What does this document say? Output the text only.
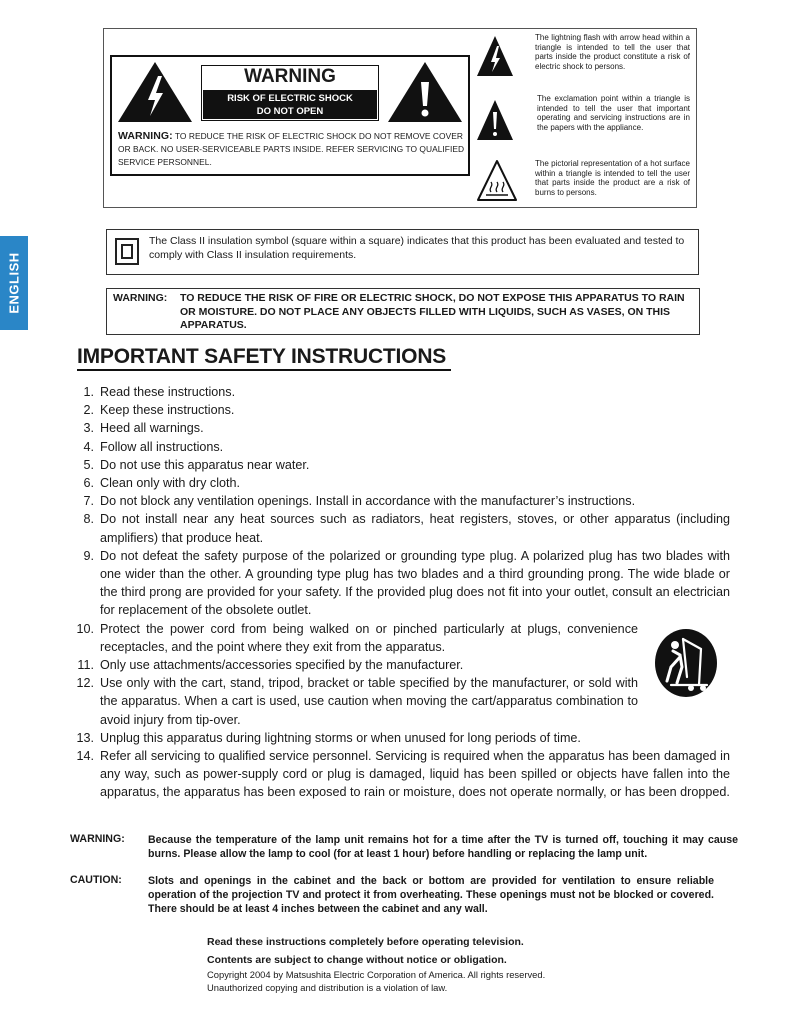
ENGLISH
WARNING
RISK OF ELECTRIC SHOCK
DO NOT OPEN
WARNING: TO REDUCE THE RISK OF ELECTRIC SHOCK DO NOT REMOVE COVER OR BACK. NO USER-SERVICEABLE PARTS INSIDE. REFER SERVICING TO QUALIFIED SERVICE PERSONNEL.
The lightning flash with arrow head within a triangle is intended to tell the user that parts inside the product constitute a risk of electric shock to persons.
The exclamation point within a triangle is intended to tell the user that important operating and servicing instructions are in the papers with the appliance.
The pictorial representation of a hot surface within a triangle is intended to tell the user that parts inside the product are a risk of burns to persons.
The Class II insulation symbol (square within a square) indicates that this product has been evaluated and tested to comply with Class II insulation requirements.
WARNING: TO REDUCE THE RISK OF FIRE OR ELECTRIC SHOCK, DO NOT EXPOSE THIS APPARATUS TO RAIN OR MOISTURE. DO NOT PLACE ANY OBJECTS FILLED WITH LIQUIDS, SUCH AS VASES, ON THIS APPARATUS.
IMPORTANT SAFETY INSTRUCTIONS
1. Read these instructions.
2. Keep these instructions.
3. Heed all warnings.
4. Follow all instructions.
5. Do not use this apparatus near water.
6. Clean only with dry cloth.
7. Do not block any ventilation openings. Install in accordance with the manufacturer’s instructions.
8. Do not install near any heat sources such as radiators, heat registers, stoves, or other apparatus (including amplifiers) that produce heat.
9. Do not defeat the safety purpose of the polarized or grounding type plug. A polarized plug has two blades with one wider than the other. A grounding type plug has two blades and a third grounding prong. The wide blade or the third prong are provided for your safety. If the provided plug does not fit into your outlet, consult an electrician for replacement of the obsolete outlet.
10. Protect the power cord from being walked on or pinched particularly at plugs, convenience receptacles, and the point where they exit from the apparatus.
11. Only use attachments/accessories specified by the manufacturer.
12. Use only with the cart, stand, tripod, bracket or table specified by the manufacturer, or sold with the apparatus. When a cart is used, use caution when moving the cart/apparatus combination to avoid injury from tip-over.
13. Unplug this apparatus during lightning storms or when unused for long periods of time.
14. Refer all servicing to qualified service personnel. Servicing is required when the apparatus has been damaged in any way, such as power-supply cord or plug is damaged, liquid has been spilled or objects have fallen into the apparatus, the apparatus has been exposed to rain or moisture, does not operate normally, or has been dropped.
WARNING: Because the temperature of the lamp unit remains hot for a time after the TV is turned off, touching it may cause burns. Please allow the lamp to cool (for at least 1 hour) before handling or replacing the lamp unit.
CAUTION: Slots and openings in the cabinet and the back or bottom are provided for ventilation to ensure reliable operation of the projection TV and protect it from overheating. These openings must not be blocked or covered. There should be at least 4 inches between the cabinet and any wall.
Read these instructions completely before operating television.
Contents are subject to change without notice or obligation.
Copyright 2004 by Matsushita Electric Corporation of America. All rights reserved.
Unauthorized copying and distribution is a violation of law.
